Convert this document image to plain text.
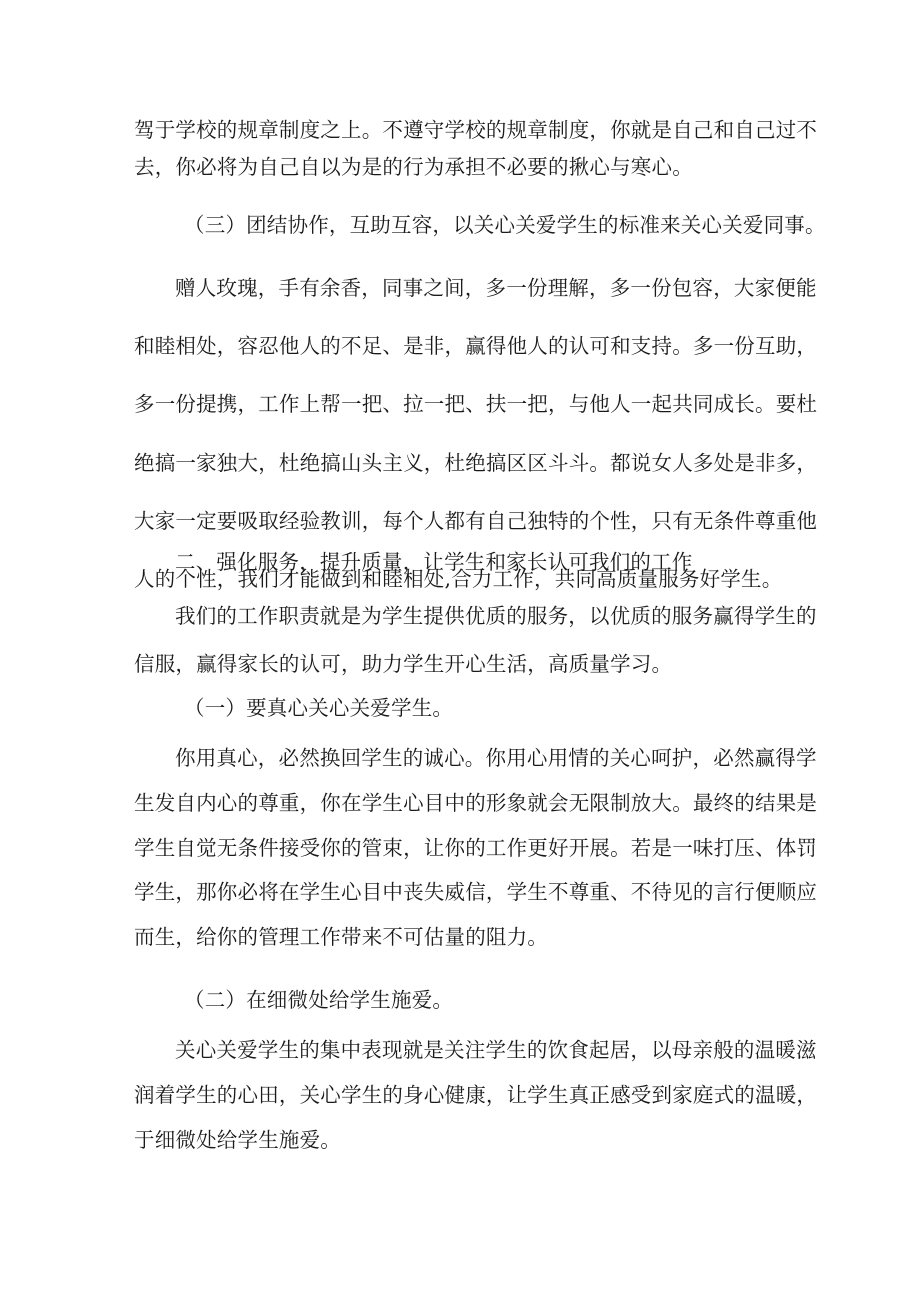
驾于学校的规章制度之上。不遵守学校的规章制度，你就是自己和自己过不
去，你必将为自己自以为是的行为承担不必要的揪心与寒心。
（三）团结协作，互助互容，以关心关爱学生的标准来关心关爱同事。
赠人玫瑰，手有余香，同事之间，多一份理解，多一份包容，大家便能
和睦相处，容忍他人的不足、是非，赢得他人的认可和支持。多一份互助，
多一份提携，工作上帮一把、拉一把、扶一把，与他人一起共同成长。要杜
绝搞一家独大，杜绝搞山头主义，杜绝搞区区斗斗。都说女人多处是非多，
大家一定要吸取经验教训，每个人都有自己独特的个性，只有无条件尊重他
人的个性，我们才能做到和睦相处,合力工作，共同高质量服务好学生。
二、强化服务，提升质量，让学生和家长认可我们的工作
我们的工作职责就是为学生提供优质的服务，以优质的服务赢得学生的
信服，赢得家长的认可，助力学生开心生活，高质量学习。
（一）要真心关心关爱学生。
你用真心，必然换回学生的诚心。你用心用情的关心呵护，必然赢得学
生发自内心的尊重，你在学生心目中的形象就会无限制放大。最终的结果是
学生自觉无条件接受你的管束，让你的工作更好开展。若是一味打压、体罚
学生，那你必将在学生心目中丧失威信，学生不尊重、不待见的言行便顺应
而生，给你的管理工作带来不可估量的阻力。
（二）在细微处给学生施爱。
关心关爱学生的集中表现就是关注学生的饮食起居，以母亲般的温暖滋
润着学生的心田，关心学生的身心健康，让学生真正感受到家庭式的温暖，
于细微处给学生施爱。
